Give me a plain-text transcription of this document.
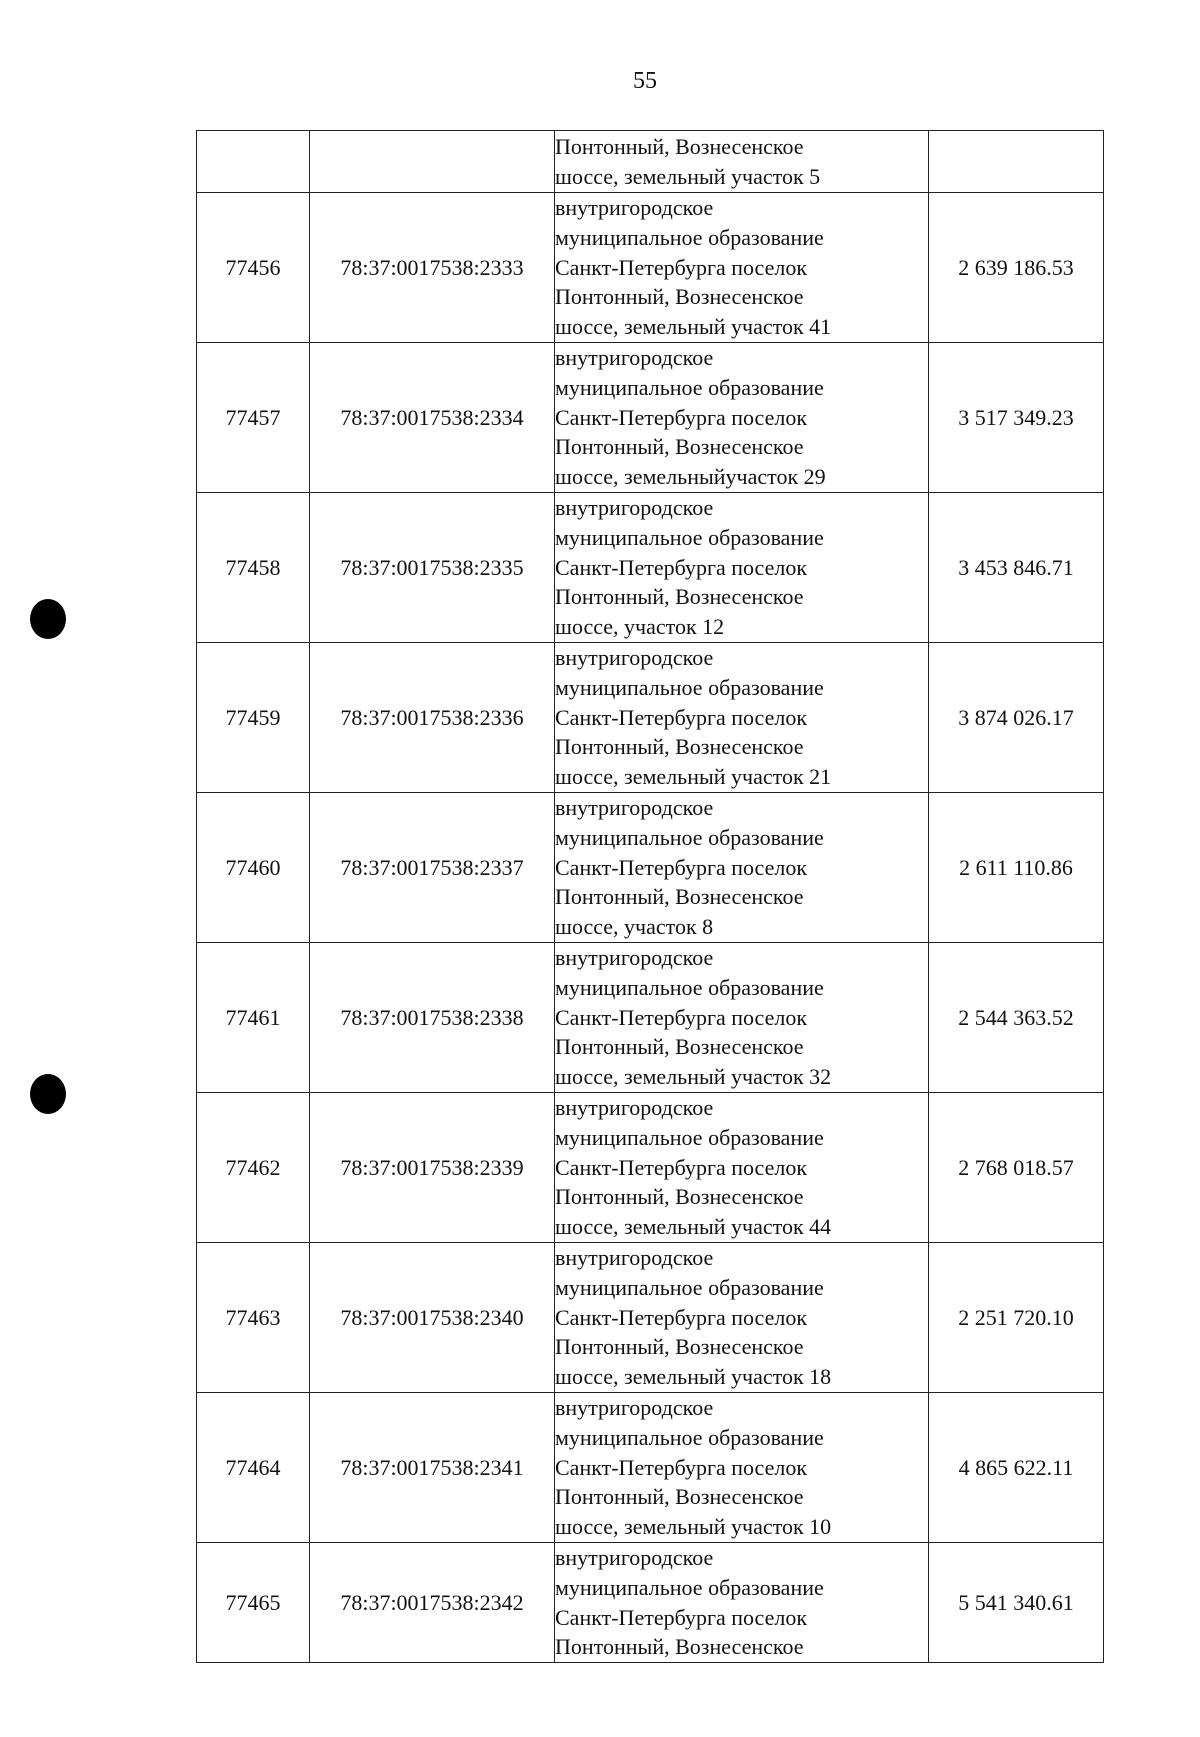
55

		Понтонный, Вознесенское
шоссе, земельный участок 5	

77456	78:37:0017538:2333	внутригородское
муниципальное образование
Санкт-Петербурга поселок
Понтонный, Вознесенское
шоссе, земельный участок 41	2 639 186.53
77457	78:37:0017538:2334	внутригородское
муниципальное образование
Санкт-Петербурга поселок
Понтонный, Вознесенское
шоссе, земельныйучасток 29	3 517 349.23
77458	78:37:0017538:2335	внутригородское
муниципальное образование
Санкт-Петербурга поселок
Понтонный, Вознесенское
шоссе, участок 12	3 453 846.71
77459	78:37:0017538:2336	внутригородское
муниципальное образование
Санкт-Петербурга поселок
Понтонный, Вознесенское
шоссе, земельный участок 21	3 874 026.17
77460	78:37:0017538:2337	внутригородское
муниципальное образование
Санкт-Петербурга поселок
Понтонный, Вознесенское
шоссе, участок 8	2 611 110.86
77461	78:37:0017538:2338	внутригородское
муниципальное образование
Санкт-Петербурга поселок
Понтонный, Вознесенское
шоссе, земельный участок 32	2 544 363.52
77462	78:37:0017538:2339	внутригородское
муниципальное образование
Санкт-Петербурга поселок
Понтонный, Вознесенское
шоссе, земельный участок 44	2 768 018.57
77463	78:37:0017538:2340	внутригородское
муниципальное образование
Санкт-Петербурга поселок
Понтонный, Вознесенское
шоссе, земельный участок 18	2 251 720.10
77464	78:37:0017538:2341	внутригородское
муниципальное образование
Санкт-Петербурга поселок
Понтонный, Вознесенское
шоссе, земельный участок 10	4 865 622.11
77465	78:37:0017538:2342	внутригородское
муниципальное образование
Санкт-Петербурга поселок
Понтонный, Вознесенское	5 541 340.61
